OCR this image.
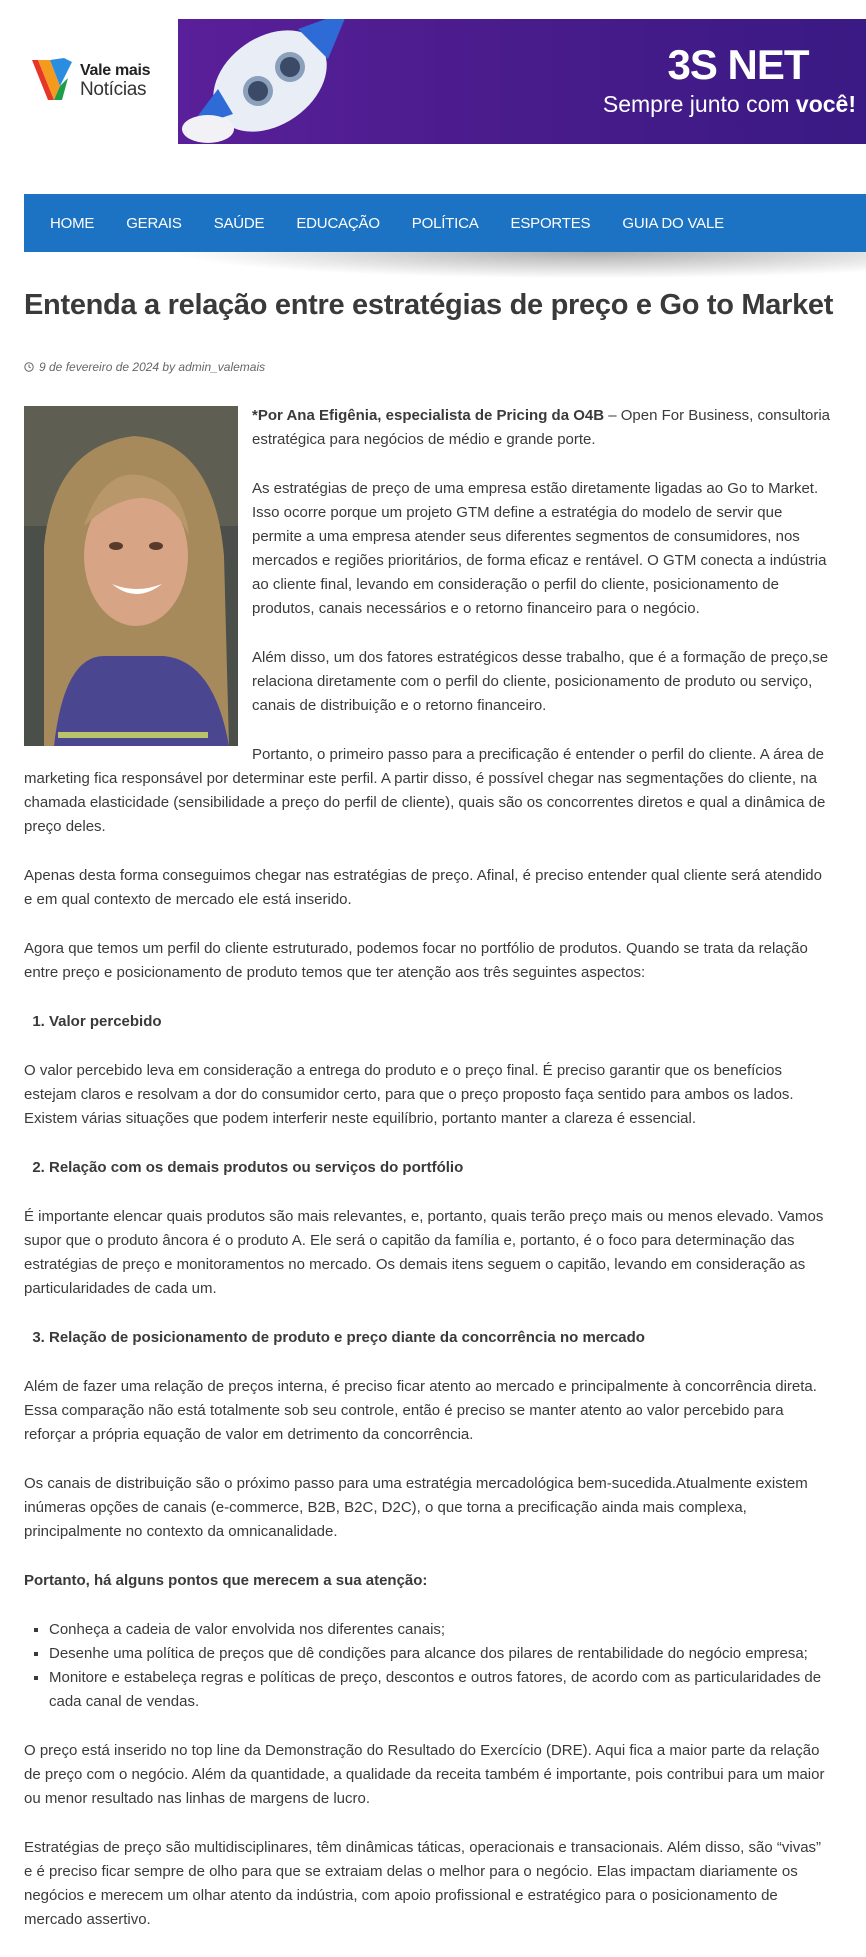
Vale mais
Notícias
3S NET
Sempre junto com você!
HOME GERAIS SAÚDE EDUCAÇÃO POLÍTICA ESPORTES GUIA DO VALE
Entenda a relação entre estratégias de preço e Go to Market
9 de fevereiro de 2024 by admin_valemais

*Por Ana Efigênia, especialista de Pricing da O4B – Open For Business, consultoria estratégica para negócios de médio e grande porte.

As estratégias de preço de uma empresa estão diretamente ligadas ao Go to Market. Isso ocorre porque um projeto GTM define a estratégia do modelo de servir que permite a uma empresa atender seus diferentes segmentos de consumidores, nos mercados e regiões prioritários, de forma eficaz e rentável. O GTM conecta a indústria ao cliente final, levando em consideração o perfil do cliente, posicionamento de produtos, canais necessários e o retorno financeiro para o negócio.

Além disso, um dos fatores estratégicos desse trabalho, que é a formação de preço,se relaciona diretamente com o perfil do cliente, posicionamento de produto ou serviço, canais de distribuição e o retorno financeiro.

Portanto, o primeiro passo para a precificação é entender o perfil do cliente. A área de marketing fica responsável por determinar este perfil. A partir disso, é possível chegar nas segmentações do cliente, na chamada elasticidade (sensibilidade a preço do perfil de cliente), quais são os concorrentes diretos e qual a dinâmica de preço deles.

Apenas desta forma conseguimos chegar nas estratégias de preço. Afinal, é preciso entender qual cliente será atendido e em qual contexto de mercado ele está inserido.

Agora que temos um perfil do cliente estruturado, podemos focar no portfólio de produtos. Quando se trata da relação entre preço e posicionamento de produto temos que ter atenção aos três seguintes aspectos:

1. Valor percebido

O valor percebido leva em consideração a entrega do produto e o preço final. É preciso garantir que os benefícios estejam claros e resolvam a dor do consumidor certo, para que o preço proposto faça sentido para ambos os lados. Existem várias situações que podem interferir neste equilíbrio, portanto manter a clareza é essencial.

2. Relação com os demais produtos ou serviços do portfólio

É importante elencar quais produtos são mais relevantes, e, portanto, quais terão preço mais ou menos elevado. Vamos supor que o produto âncora é o produto A. Ele será o capitão da família e, portanto, é o foco para determinação das estratégias de preço e monitoramentos no mercado. Os demais itens seguem o capitão, levando em consideração as particularidades de cada um.

3. Relação de posicionamento de produto e preço diante da concorrência no mercado

Além de fazer uma relação de preços interna, é preciso ficar atento ao mercado e principalmente à concorrência direta. Essa comparação não está totalmente sob seu controle, então é preciso se manter atento ao valor percebido para reforçar a própria equação de valor em detrimento da concorrência.

Os canais de distribuição são o próximo passo para uma estratégia mercadológica bem-sucedida.Atualmente existem inúmeras opções de canais (e-commerce, B2B, B2C, D2C), o que torna a precificação ainda mais complexa, principalmente no contexto da omnicanalidade.

Portanto, há alguns pontos que merecem a sua atenção:

▪ Conheça a cadeia de valor envolvida nos diferentes canais;
▪ Desenhe uma política de preços que dê condições para alcance dos pilares de rentabilidade do negócio empresa;
▪ Monitore e estabeleça regras e políticas de preço, descontos e outros fatores, de acordo com as particularidades de cada canal de vendas.

O preço está inserido no top line da Demonstração do Resultado do Exercício (DRE). Aqui fica a maior parte da relação de preço com o negócio. Além da quantidade, a qualidade da receita também é importante, pois contribui para um maior ou menor resultado nas linhas de margens de lucro.

Estratégias de preço são multidisciplinares, têm dinâmicas táticas, operacionais e transacionais. Além disso, são “vivas” e é preciso ficar sempre de olho para que se extraiam delas o melhor para o negócio. Elas impactam diariamente os negócios e merecem um olhar atento da indústria, com apoio profissional e estratégico para o posicionamento de mercado assertivo.
